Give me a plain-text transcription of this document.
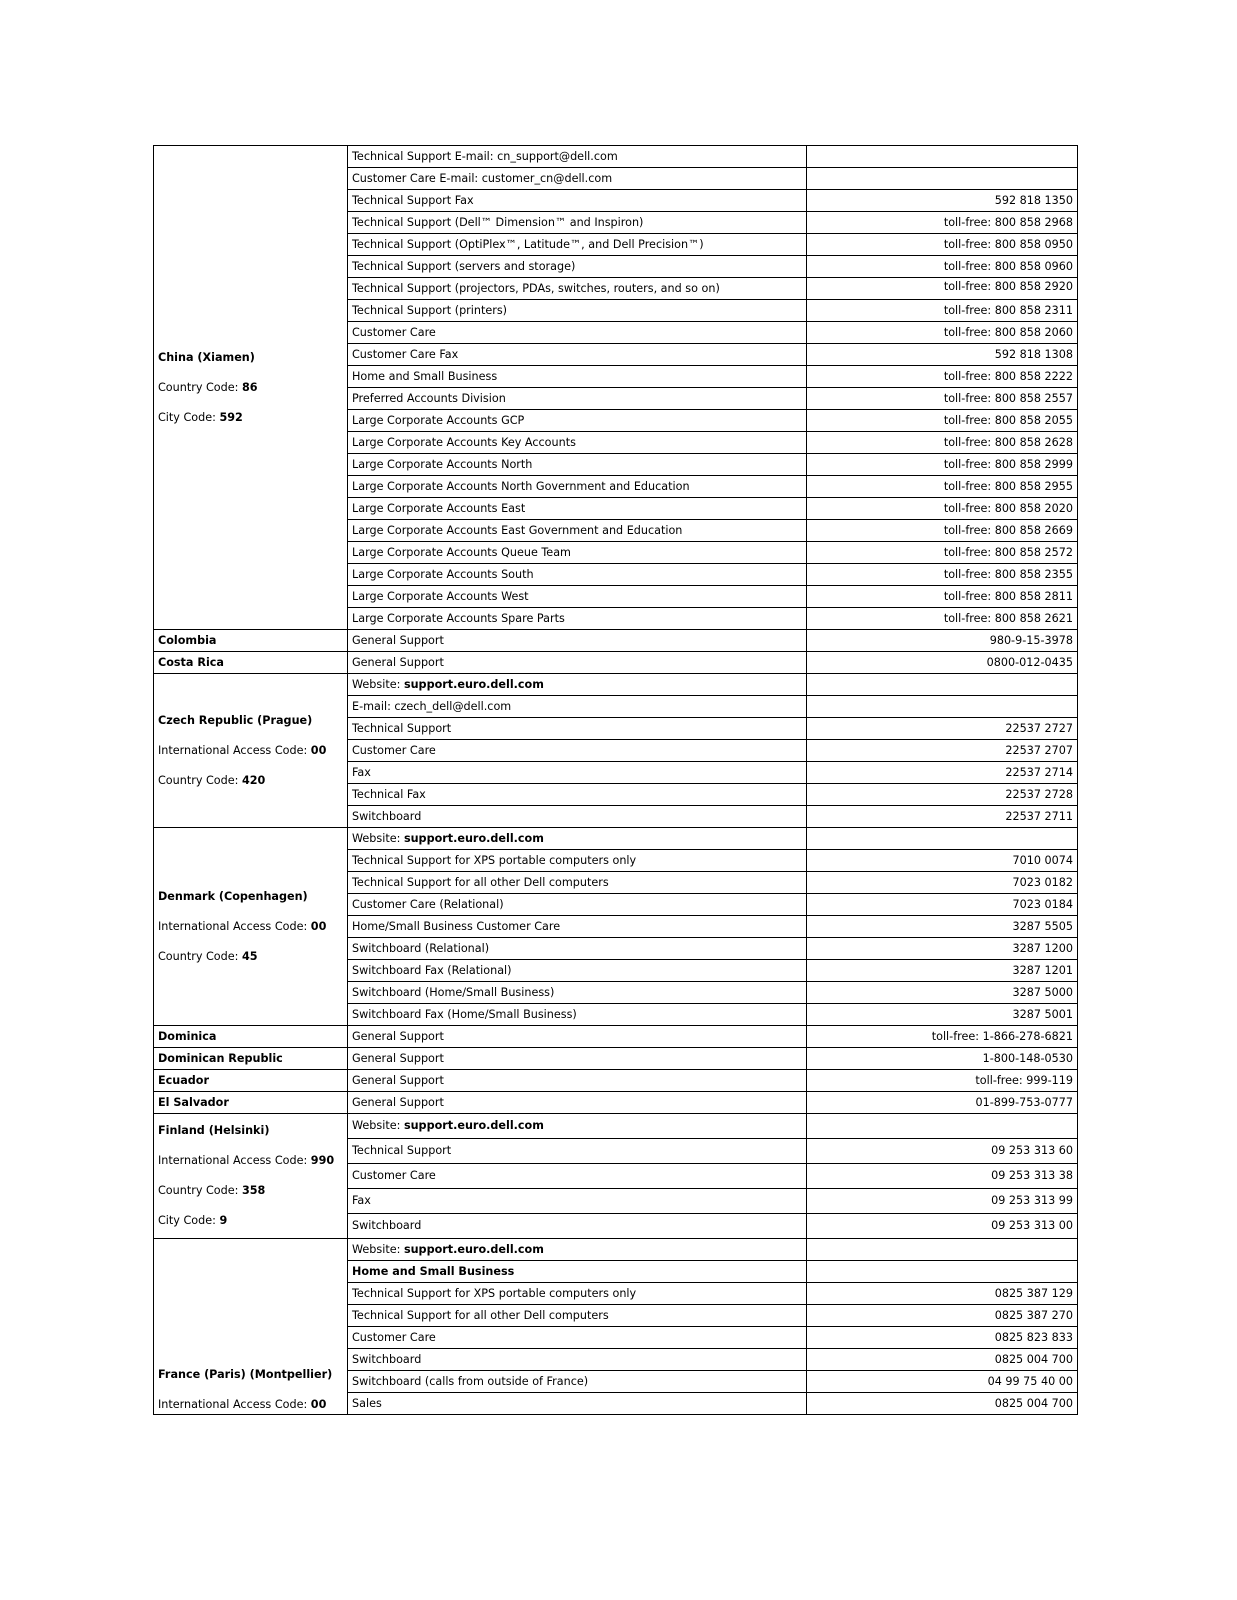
China (Xiamen)

Country Code: 86

City Code: 592	Technical Support E-mail: cn_support@dell.com	
	Customer Care E-mail: customer_cn@dell.com	
	Technical Support Fax	592 818 1350
	Technical Support (Dell™ Dimension™ and Inspiron)	toll-free: 800 858 2968
	Technical Support (OptiPlex™, Latitude™, and Dell Precision™)	toll-free: 800 858 0950
	Technical Support (servers and storage)	toll-free: 800 858 0960
	Technical Support (projectors, PDAs, switches, routers, and so on)	toll-free: 800 858 2920
	Technical Support (printers)	toll-free: 800 858 2311
	Customer Care	toll-free: 800 858 2060
	Customer Care Fax	592 818 1308
	Home and Small Business	toll-free: 800 858 2222
	Preferred Accounts Division	toll-free: 800 858 2557
	Large Corporate Accounts GCP	toll-free: 800 858 2055
	Large Corporate Accounts Key Accounts	toll-free: 800 858 2628
	Large Corporate Accounts North	toll-free: 800 858 2999
	Large Corporate Accounts North Government and Education	toll-free: 800 858 2955
	Large Corporate Accounts East	toll-free: 800 858 2020
	Large Corporate Accounts East Government and Education	toll-free: 800 858 2669
	Large Corporate Accounts Queue Team	toll-free: 800 858 2572
	Large Corporate Accounts South	toll-free: 800 858 2355
	Large Corporate Accounts West	toll-free: 800 858 2811
	Large Corporate Accounts Spare Parts	toll-free: 800 858 2621

Colombia	General Support	980-9-15-3978

Costa Rica	General Support	0800-012-0435

Czech Republic (Prague)

International Access Code: 00

Country Code: 420	Website: support.euro.dell.com	
	E-mail: czech_dell@dell.com	
	Technical Support	22537 2727
	Customer Care	22537 2707
	Fax	22537 2714
	Technical Fax	22537 2728
	Switchboard	22537 2711

Denmark (Copenhagen)

International Access Code: 00

Country Code: 45	Website: support.euro.dell.com	
	Technical Support for XPS portable computers only	7010 0074
	Technical Support for all other Dell computers	7023 0182
	Customer Care (Relational)	7023 0184
	Home/Small Business Customer Care	3287 5505
	Switchboard (Relational)	3287 1200
	Switchboard Fax (Relational)	3287 1201
	Switchboard (Home/Small Business)	3287 5000
	Switchboard Fax (Home/Small Business)	3287 5001

Dominica	General Support	toll-free: 1-866-278-6821

Dominican Republic	General Support	1-800-148-0530

Ecuador	General Support	toll-free: 999-119

El Salvador	General Support	01-899-753-0777

Finland (Helsinki)

International Access Code: 990

Country Code: 358

City Code: 9	Website: support.euro.dell.com	
	Technical Support	09 253 313 60
	Customer Care	09 253 313 38
	Fax	09 253 313 99
	Switchboard	09 253 313 00

France (Paris) (Montpellier)

International Access Code: 00	Website: support.euro.dell.com	
	Home and Small Business	
	Technical Support for XPS portable computers only	0825 387 129
	Technical Support for all other Dell computers	0825 387 270
	Customer Care	0825 823 833
	Switchboard	0825 004 700
	Switchboard (calls from outside of France)	04 99 75 40 00
	Sales	0825 004 700
